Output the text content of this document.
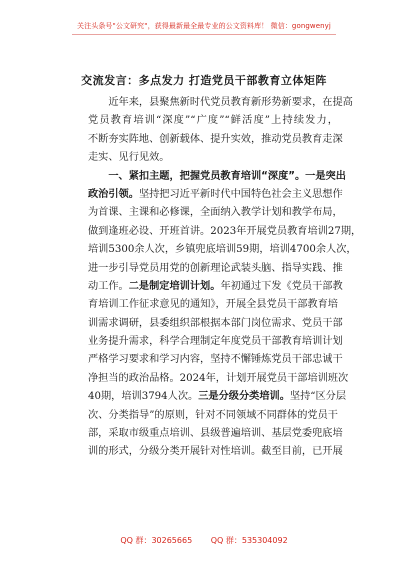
关注头条号"公文研究"，获得最新最全最专业的公文资料库！ 微信：gongwenyj
交流发言：多点发力 打造党员干部教育立体矩阵
　　近年来，县聚焦新时代党员教育新形势新要求，在提高
党员教育培训“深度”“广度”“鲜活度”上持续发力，
不断夯实阵地、创新载体、提升实效，推动党员教育走深
走实、见行见效。
　　一、紧扣主题，把握党员教育培训“深度”。一是突出
政治引领。坚持把习近平新时代中国特色社会主义思想作
为首课、主课和必修课，全面纳入教学计划和教学布局，
做到逢班必设、开班首讲。2023年开展党员教育培训27期，
培训5300余人次，乡镇兜底培训59期，培训4700余人次，
进一步引导党员用党的创新理论武装头脑、指导实践、推
动工作。二是制定培训计划。年初通过下发《党员干部教
育培训工作征求意见的通知》，开展全县党员干部教育培
训需求调研，县委组织部根据本部门岗位需求、党员干部
业务提升需求，科学合理制定年度党员干部教育培训计划
严格学习要求和学习内容，坚持不懈锤炼党员干部忠诚干
净担当的政治品格。2024年，计划开展党员干部培训班次
40期，培训3794人次。三是分级分类培训。坚持“区分层
次、分类指导”的原则，针对不同领域不同群体的党员干
部，采取市级重点培训、县级普遍培训、基层党委兜底培
训的形式，分级分类开展针对性培训。截至目前，已开展
QQ 群：30265665 QQ 群：535304092
